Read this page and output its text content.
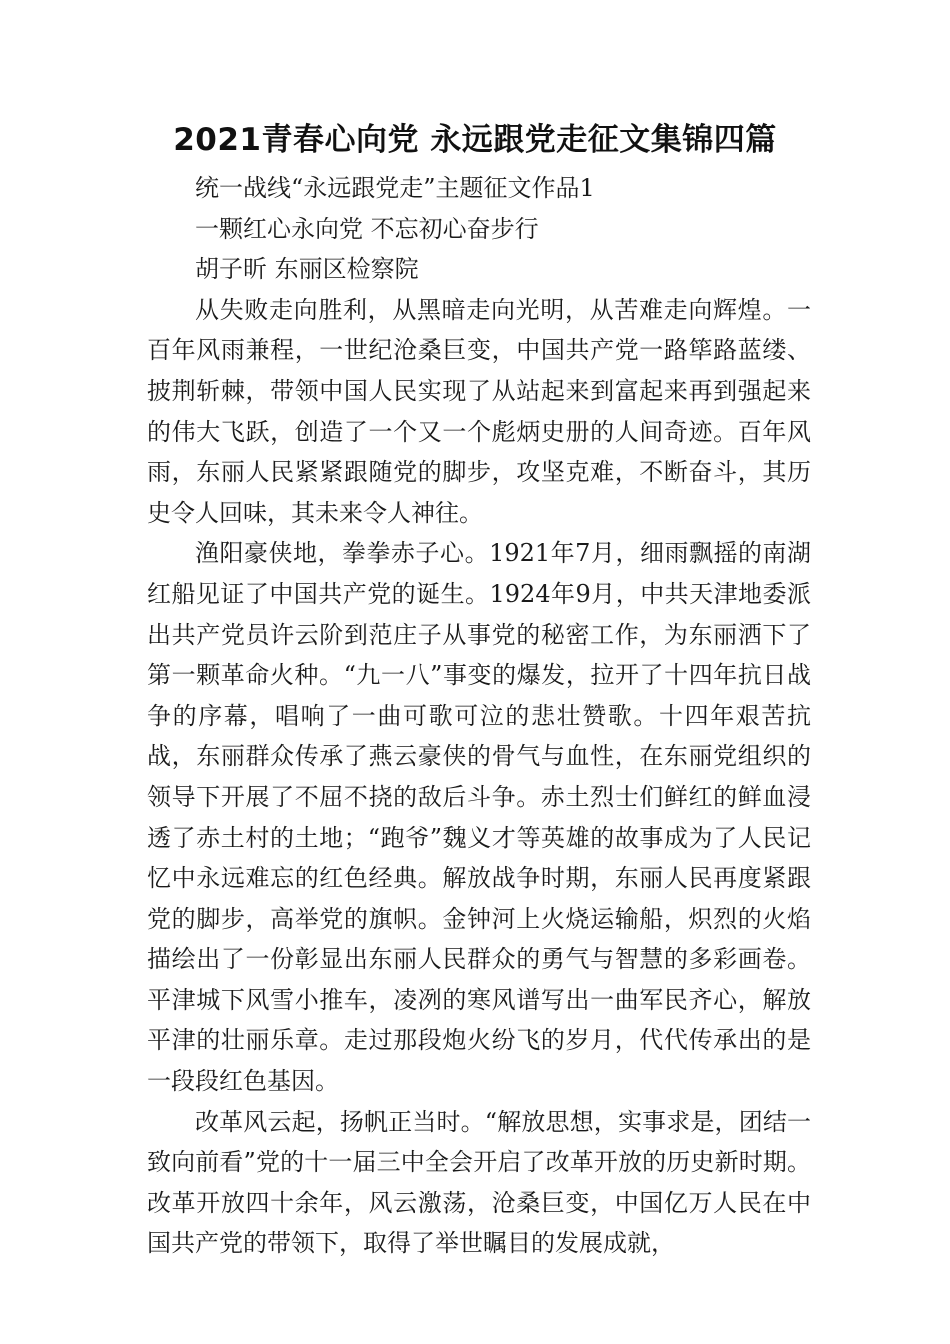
2021青春心向党 永远跟党走征文集锦四篇

统一战线“永远跟党走”主题征文作品1

一颗红心永向党 不忘初心奋步行

胡子昕 东丽区检察院

从失败走向胜利，从黑暗走向光明，从苦难走向辉煌。一百年风雨兼程，一世纪沧桑巨变，中国共产党一路筚路蓝缕、披荆斩棘，带领中国人民实现了从站起来到富起来再到强起来的伟大飞跃，创造了一个又一个彪炳史册的人间奇迹。百年风雨，东丽人民紧紧跟随党的脚步，攻坚克难，不断奋斗，其历史令人回味，其未来令人神往。

渔阳豪侠地，拳拳赤子心。1921年7月，细雨飘摇的南湖红船见证了中国共产党的诞生。1924年9月，中共天津地委派出共产党员许云阶到范庄子从事党的秘密工作，为东丽洒下了第一颗革命火种。“九一八”事变的爆发，拉开了十四年抗日战争的序幕，唱响了一曲可歌可泣的悲壮赞歌。十四年艰苦抗战，东丽群众传承了燕云豪侠的骨气与血性，在东丽党组织的领导下开展了不屈不挠的敌后斗争。赤土烈士们鲜红的鲜血浸透了赤土村的土地；“跑爷”魏义才等英雄的故事成为了人民记忆中永远难忘的红色经典。解放战争时期，东丽人民再度紧跟党的脚步，高举党的旗帜。金钟河上火烧运输船，炽烈的火焰描绘出了一份彰显出东丽人民群众的勇气与智慧的多彩画卷。平津城下风雪小推车，凌冽的寒风谱写出一曲军民齐心，解放平津的壮丽乐章。走过那段炮火纷飞的岁月，代代传承出的是一段段红色基因。

改革风云起，扬帆正当时。“解放思想，实事求是，团结一致向前看”党的十一届三中全会开启了改革开放的历史新时期。改革开放四十余年，风云激荡，沧桑巨变，中国亿万人民在中国共产党的带领下，取得了举世瞩目的发展成就，
